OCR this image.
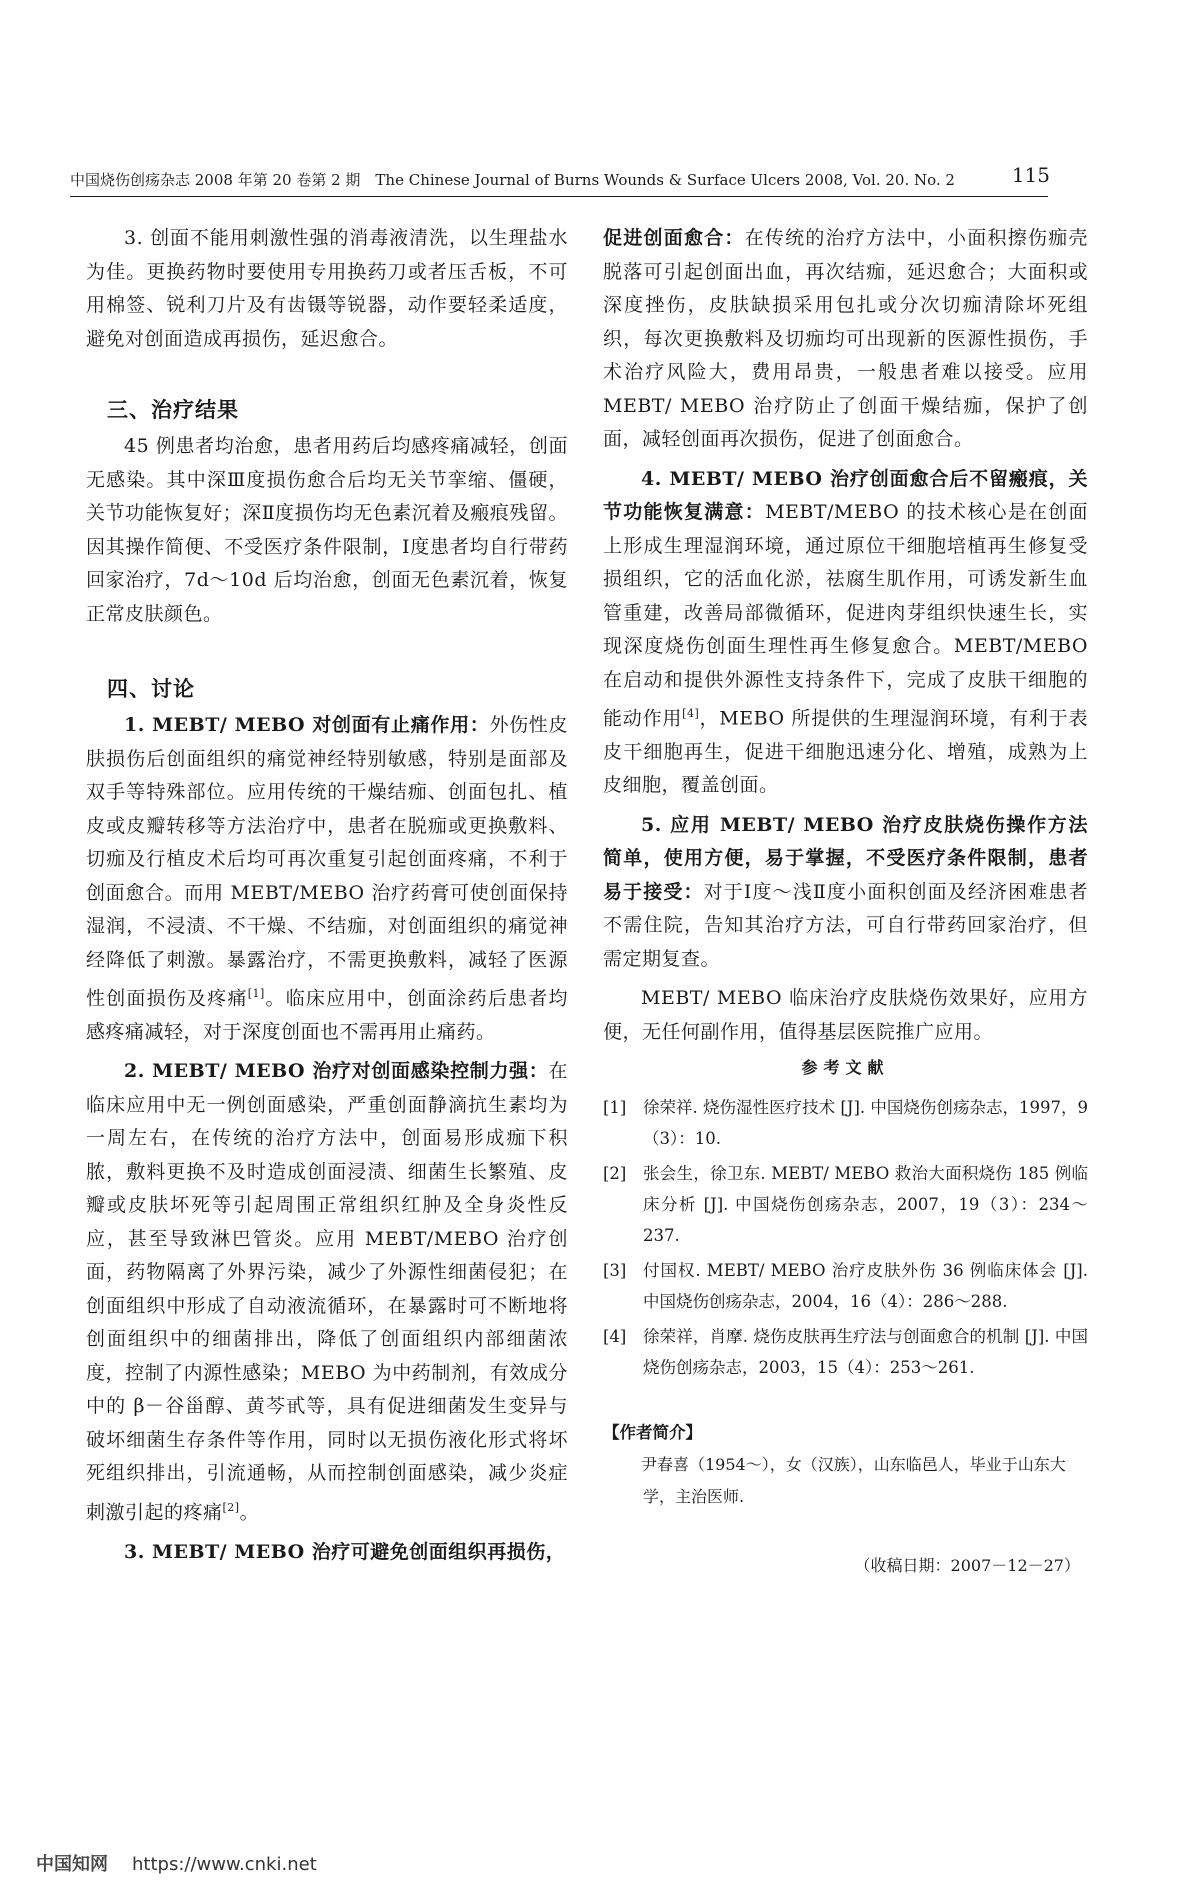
中国烧伤创疡杂志 2008 年第 20 卷第 2 期　The Chinese Journal of Burns Wounds & Surface Ulcers 2008, Vol. 20. No. 2	115

3. 创面不能用刺激性强的消毒液清洗，以生理盐水为佳。更换药物时要使用专用换药刀或者压舌板，不可用棉签、锐利刀片及有齿镊等锐器，动作要轻柔适度，避免对创面造成再损伤，延迟愈合。

三、治疗结果

45 例患者均治愈，患者用药后均感疼痛减轻，创面无感染。其中深Ⅲ度损伤愈合后均无关节挛缩、僵硬，关节功能恢复好；深Ⅱ度损伤均无色素沉着及瘢痕残留。因其操作简便、不受医疗条件限制，Ⅰ度患者均自行带药回家治疗，7d～10d 后均治愈，创面无色素沉着，恢复正常皮肤颜色。

四、讨论

1. MEBT/ MEBO 对创面有止痛作用：外伤性皮肤损伤后创面组织的痛觉神经特别敏感，特别是面部及双手等特殊部位。应用传统的干燥结痂、创面包扎、植皮或皮瓣转移等方法治疗中，患者在脱痂或更换敷料、切痂及行植皮术后均可再次重复引起创面疼痛，不利于创面愈合。而用 MEBT/MEBO 治疗药膏可使创面保持湿润，不浸渍、不干燥、不结痂，对创面组织的痛觉神经降低了刺激。暴露治疗，不需更换敷料，减轻了医源性创面损伤及疼痛[1]。临床应用中，创面涂药后患者均感疼痛减轻，对于深度创面也不需再用止痛药。

2. MEBT/ MEBO 治疗对创面感染控制力强：在临床应用中无一例创面感染，严重创面静滴抗生素均为一周左右，在传统的治疗方法中，创面易形成痂下积脓，敷料更换不及时造成创面浸渍、细菌生长繁殖、皮瓣或皮肤坏死等引起周围正常组织红肿及全身炎性反应，甚至导致淋巴管炎。应用 MEBT/MEBO 治疗创面，药物隔离了外界污染，减少了外源性细菌侵犯；在创面组织中形成了自动液流循环，在暴露时可不断地将创面组织中的细菌排出，降低了创面组织内部细菌浓度，控制了内源性感染；MEBO 为中药制剂，有效成分中的 β－谷甾醇、黄芩甙等，具有促进细菌发生变异与破坏细菌生存条件等作用，同时以无损伤液化形式将坏死组织排出，引流通畅，从而控制创面感染，减少炎症刺激引起的疼痛[2]。

3. MEBT/ MEBO 治疗可避免创面组织再损伤，

促进创面愈合：在传统的治疗方法中，小面积擦伤痂壳脱落可引起创面出血，再次结痂，延迟愈合；大面积或深度挫伤，皮肤缺损采用包扎或分次切痂清除坏死组织，每次更换敷料及切痂均可出现新的医源性损伤，手术治疗风险大，费用昂贵，一般患者难以接受。应用 MEBT/ MEBO 治疗防止了创面干燥结痂，保护了创面，减轻创面再次损伤，促进了创面愈合。

4. MEBT/ MEBO 治疗创面愈合后不留瘢痕，关节功能恢复满意：MEBT/MEBO 的技术核心是在创面上形成生理湿润环境，通过原位干细胞培植再生修复受损组织，它的活血化淤，祛腐生肌作用，可诱发新生血管重建，改善局部微循环，促进肉芽组织快速生长，实现深度烧伤创面生理性再生修复愈合。MEBT/MEBO 在启动和提供外源性支持条件下，完成了皮肤干细胞的能动作用[4]，MEBO 所提供的生理湿润环境，有利于表皮干细胞再生，促进干细胞迅速分化、增殖，成熟为上皮细胞，覆盖创面。

5. 应用 MEBT/ MEBO 治疗皮肤烧伤操作方法简单，使用方便，易于掌握，不受医疗条件限制，患者易于接受：对于Ⅰ度～浅Ⅱ度小面积创面及经济困难患者不需住院，告知其治疗方法，可自行带药回家治疗，但需定期复查。

MEBT/ MEBO 临床治疗皮肤烧伤效果好，应用方便，无任何副作用，值得基层医院推广应用。

参考文献
[1] 徐荣祥. 烧伤湿性医疗技术 [J]. 中国烧伤创疡杂志，1997，9（3）：10.
[2] 张会生，徐卫东. MEBT/ MEBO 救治大面积烧伤 185 例临床分析 [J]. 中国烧伤创疡杂志，2007，19（3）：234～237.
[3] 付国权. MEBT/ MEBO 治疗皮肤外伤 36 例临床体会 [J]. 中国烧伤创疡杂志，2004，16（4）：286～288.
[4] 徐荣祥，肖摩. 烧伤皮肤再生疗法与创面愈合的机制 [J]. 中国烧伤创疡杂志，2003，15（4）：253～261.
【作者简介】

尹春喜（1954～），女（汉族），山东临邑人，毕业于山东大学，主治医师.

（收稿日期：2007－12－27）
中国知网 https://www.cnki.net
